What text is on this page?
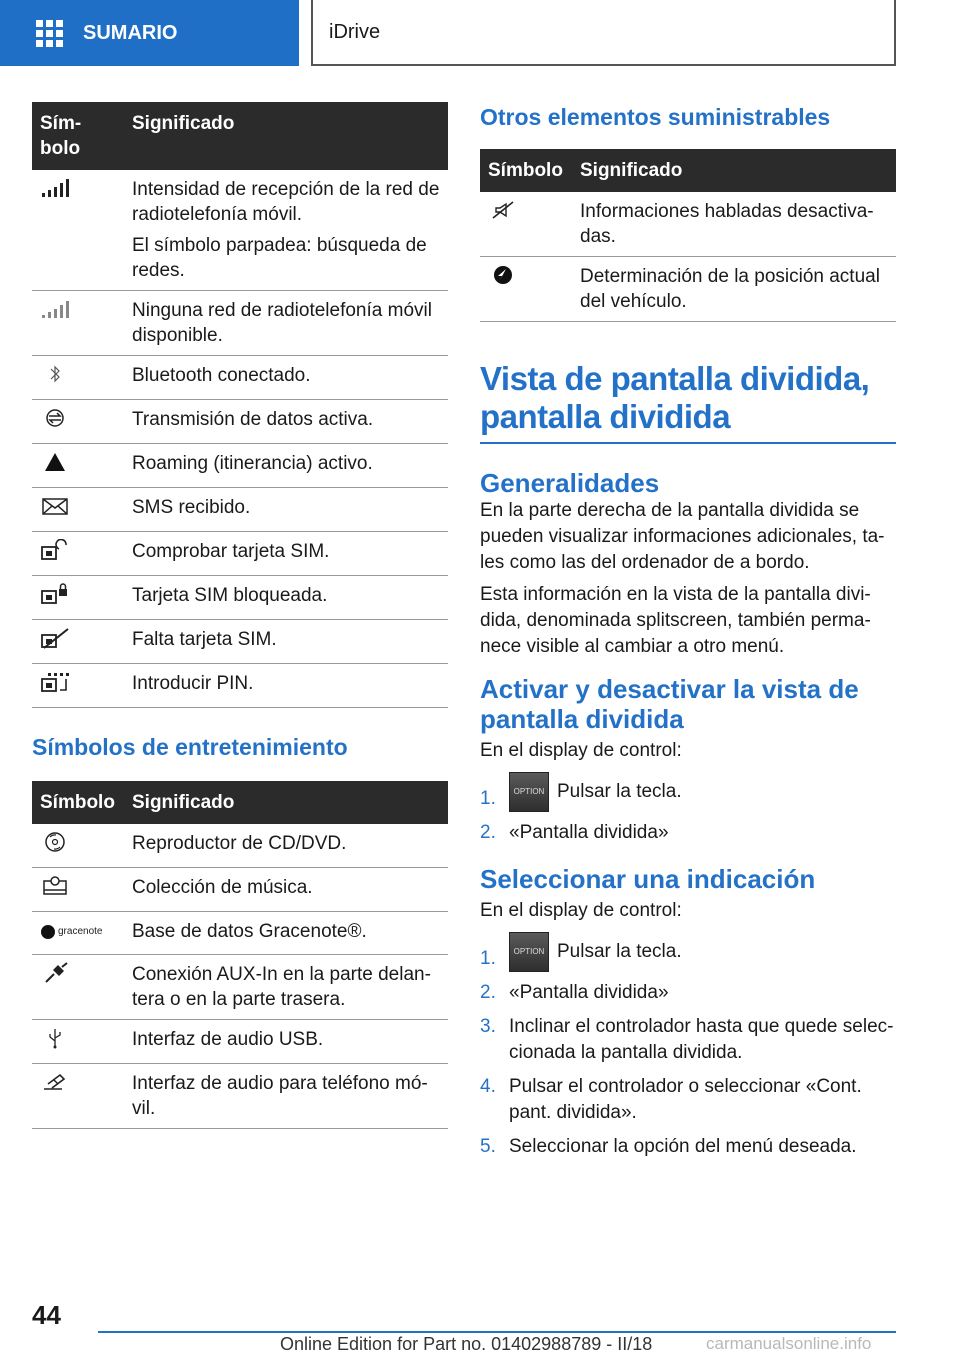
SUMARIO	iDrive
Sím-
bolo	Significado

Intensidad de recepción de la red de radiotelefonía móvil.

El símbolo parpadea: búsqueda de redes.

Ninguna red de radiotelefonía móvil disponible.

Bluetooth conectado.

Transmisión de datos activa.

Roaming (itinerancia) activo.

SMS recibido.

Comprobar tarjeta SIM.

Tarjeta SIM bloqueada.

Falta tarjeta SIM.

Introducir PIN.

Símbolos de entretenimiento
Símbolo	Significado

Reproductor de CD/DVD.

Colección de música.

gracenote	Base de datos Gracenote®.

Conexión AUX-In en la parte delan-tera o en la parte trasera.

Interfaz de audio USB.

Interfaz de audio para teléfono mó-vil.

Otros elementos suministrables
Símbolo	Significado

Informaciones habladas desactiva-das.

Determinación de la posición actual del vehículo.

Vista de pantalla dividida, pantalla dividida
Generalidades

En la parte derecha de la pantalla dividida se pueden visualizar informaciones adicionales, ta-les como las del ordenador de a bordo.

Esta información en la vista de la pantalla divi-dida, denominada splitscreen, también perma-nece visible al cambiar a otro menú.

Activar y desactivar la vista de pantalla dividida

En el display de control:

1.	OPTION Pulsar la tecla.
2. «Pantalla dividida»
Seleccionar una indicación

En el display de control:

1.	OPTION Pulsar la tecla.
2. «Pantalla dividida»
3. Inclinar el controlador hasta que quede selec-cionada la pantalla dividida.
4. Pulsar el controlador o seleccionar «Cont. pant. dividida».
5. Seleccionar la opción del menú deseada.
44
Online Edition for Part no. 01402988789 - II/18	carmanualsonline.info
